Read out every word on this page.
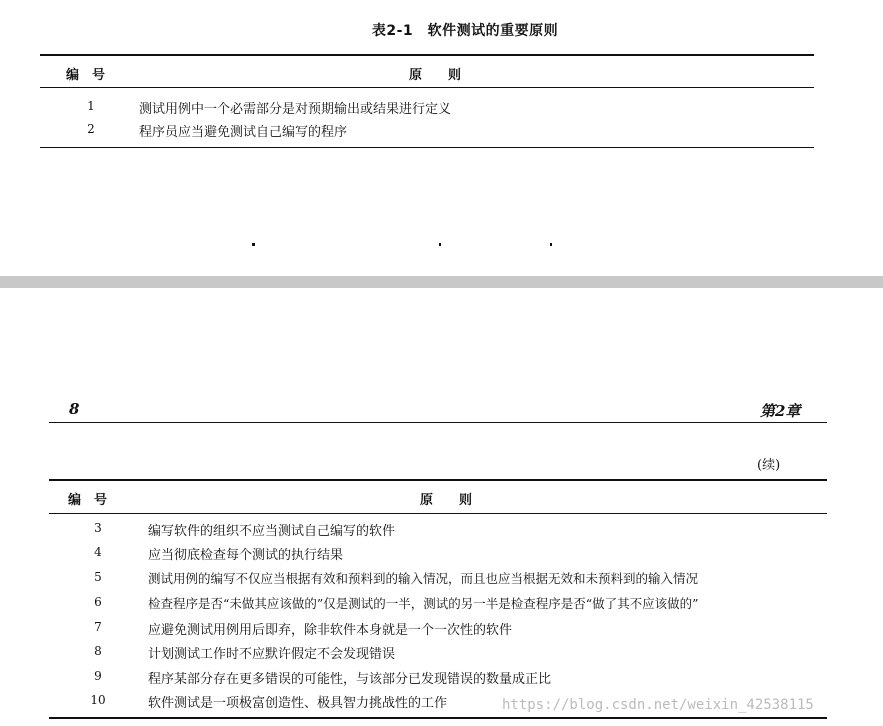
表2-1　软件测试的重要原则
编　号	原　　则
1	测试用例中一个必需部分是对预期输出或结果进行定义
2	程序员应当避免测试自己编写的程序
8	第2章
(续)
编　号	原　　则
3	编写软件的组织不应当测试自己编写的软件
4	应当彻底检查每个测试的执行结果
5	测试用例的编写不仅应当根据有效和预料到的输入情况，而且也应当根据无效和未预料到的输入情况
6	检查程序是否“未做其应该做的”仅是测试的一半，测试的另一半是检查程序是否“做了其不应该做的”
7	应避免测试用例用后即弃，除非软件本身就是一个一次性的软件
8	计划测试工作时不应默许假定不会发现错误
9	程序某部分存在更多错误的可能性，与该部分已发现错误的数量成正比
10	软件测试是一项极富创造性、极具智力挑战性的工作	https://blog.csdn.net/weixin_42538115
